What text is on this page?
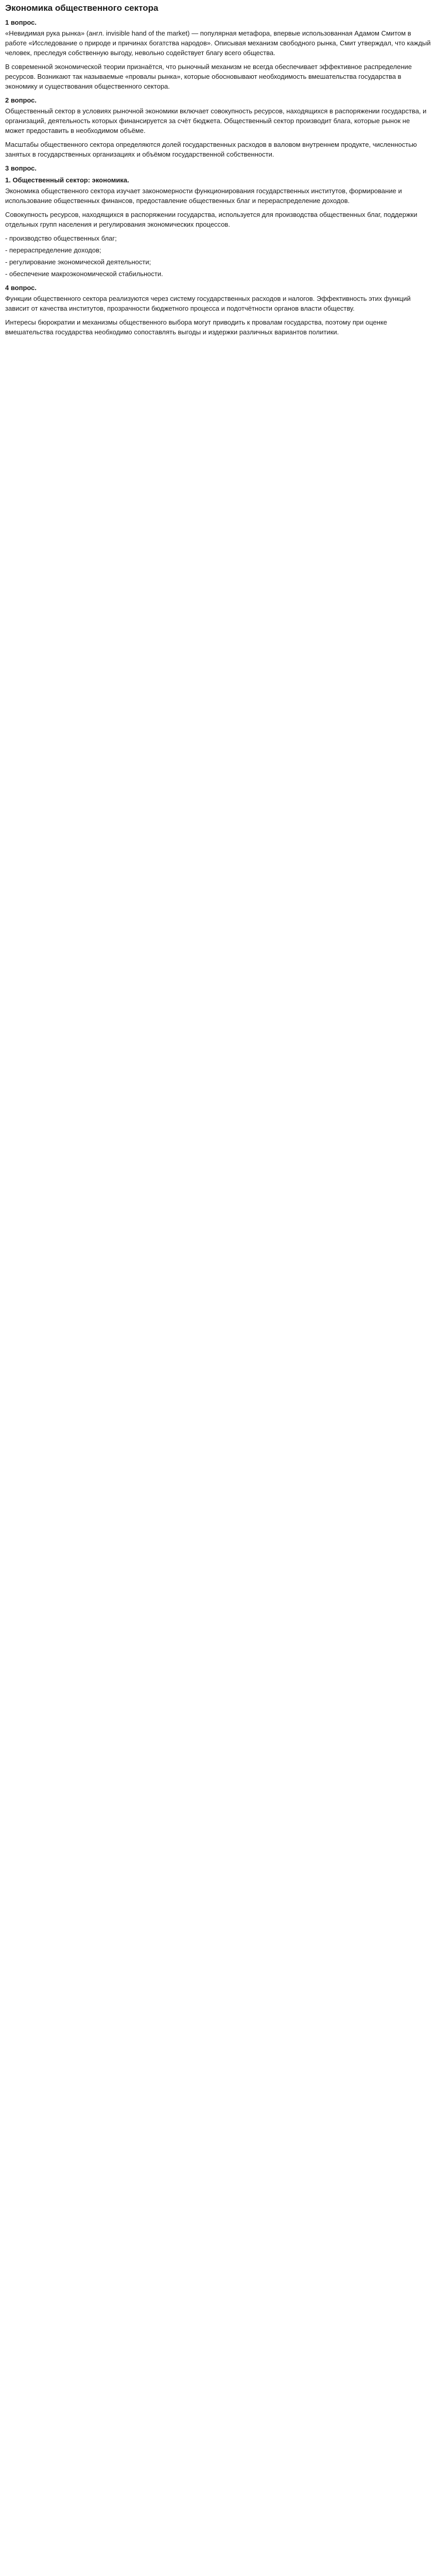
Экономика общественного сектора
1 вопрос.

«Невидимая рука рынка» (англ. invisible hand of the market) — популярная метафора, впервые использованная Адамом Смитом в работе «Исследование о природе и причинах богатства народов». Описывая механизм свободного рынка, Смит утверждал, что каждый человек, преследуя собственную выгоду, невольно содействует благу всего общества.

В современной экономической теории признаётся, что рыночный механизм не всегда обеспечивает эффективное распределение ресурсов. Возникают так называемые «провалы рынка», которые обосновывают необходимость вмешательства государства в экономику и существования общественного сектора.

2 вопрос.

Общественный сектор в условиях рыночной экономики включает совокупность ресурсов, находящихся в распоряжении государства, и организаций, деятельность которых финансируется за счёт бюджета. Общественный сектор производит блага, которые рынок не может предоставить в необходимом объёме.

Масштабы общественного сектора определяются долей государственных расходов в валовом внутреннем продукте, численностью занятых в государственных организациях и объёмом государственной собственности.

3 вопрос.
1. Общественный сектор: экономика.

Экономика общественного сектора изучает закономерности функционирования государственных институтов, формирование и использование общественных финансов, предоставление общественных благ и перераспределение доходов.

Совокупность ресурсов, находящихся в распоряжении государства, используется для производства общественных благ, поддержки отдельных групп населения и регулирования экономических процессов.

- производство общественных благ;
- перераспределение доходов;
- регулирование экономической деятельности;
- обеспечение макроэкономической стабильности.
4 вопрос.

Функции общественного сектора реализуются через систему государственных расходов и налогов. Эффективность этих функций зависит от качества институтов, прозрачности бюджетного процесса и подотчётности органов власти обществу.

Интересы бюрократии и механизмы общественного выбора могут приводить к провалам государства, поэтому при оценке вмешательства государства необходимо сопоставлять выгоды и издержки различных вариантов политики.
